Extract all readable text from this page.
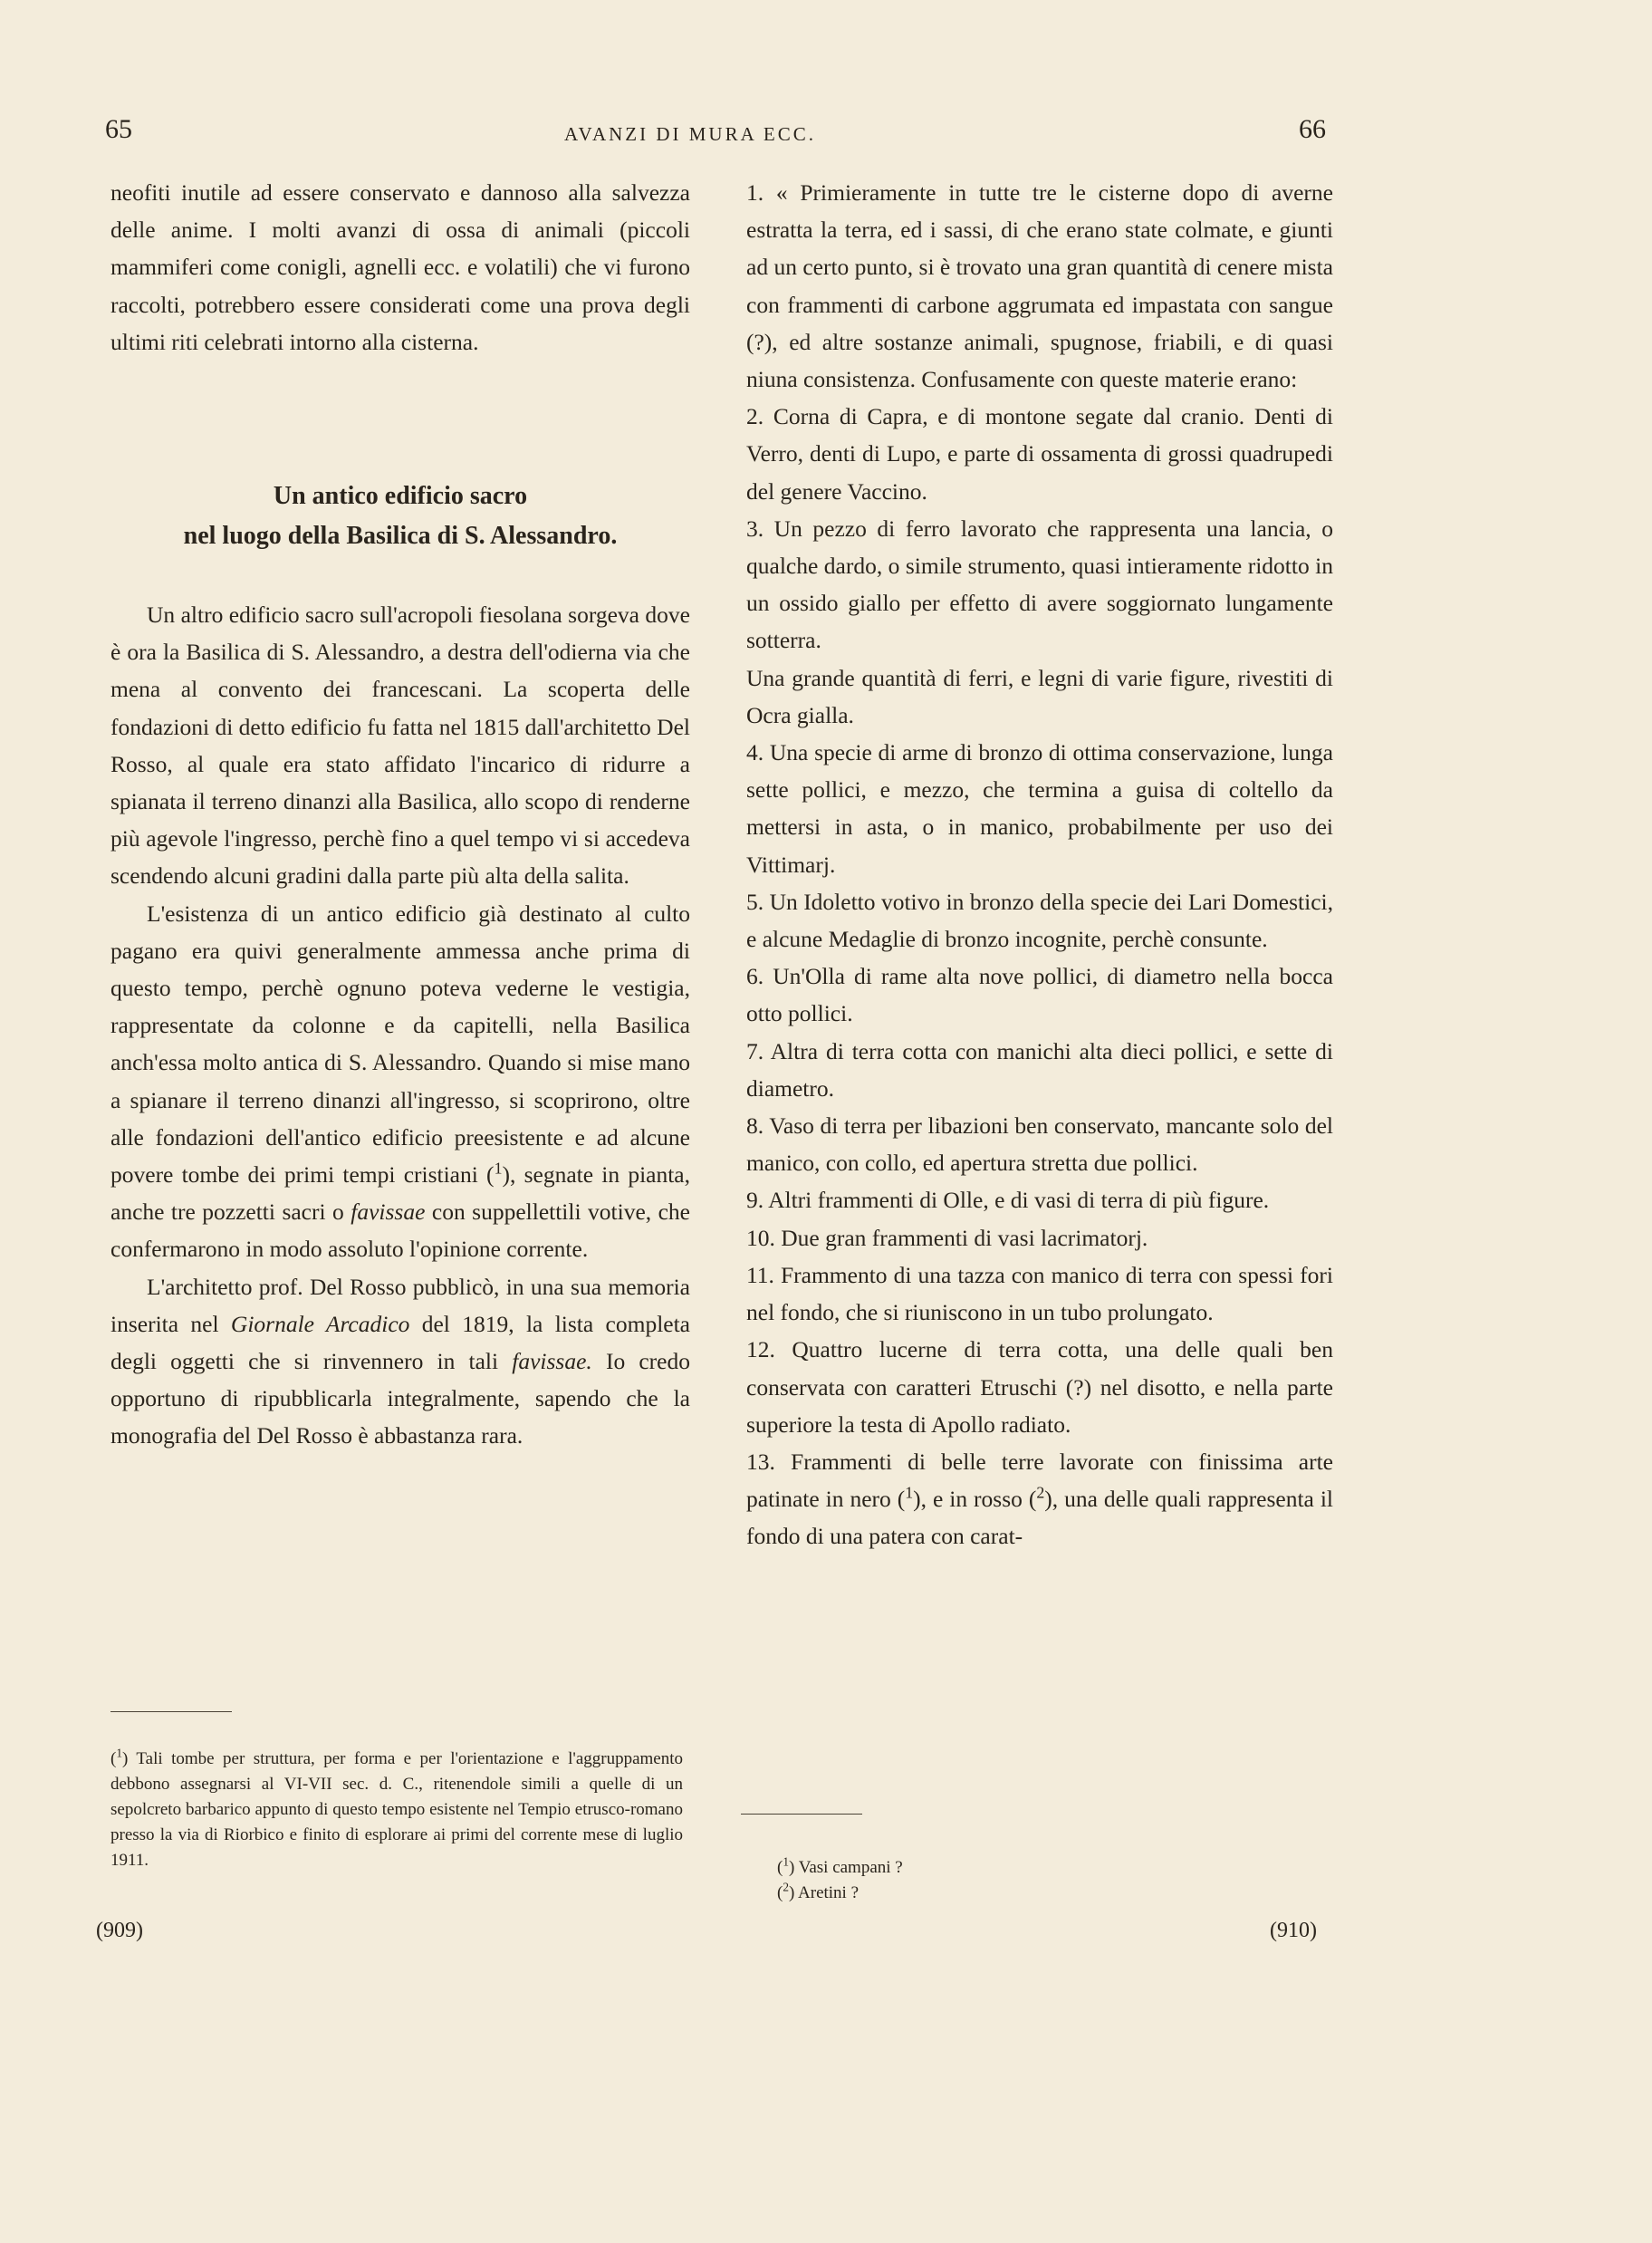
65	AVANZI DI MURA ECC.	66

neofiti inutile ad essere conservato e dannoso alla salvezza delle anime. I molti avanzi di ossa di animali (piccoli mammiferi come conigli, agnelli ecc. e volatili) che vi furono raccolti, potrebbero essere considerati come una prova degli ultimi riti celebrati intorno alla cisterna.

Un antico edificio sacro
nel luogo della Basilica di S. Alessandro.

Un altro edificio sacro sull'acropoli fiesolana sorgeva dove è ora la Basilica di S. Alessandro, a destra dell'odierna via che mena al convento dei francescani. La scoperta delle fondazioni di detto edificio fu fatta nel 1815 dall'architetto Del Rosso, al quale era stato affidato l'incarico di ridurre a spianata il terreno dinanzi alla Basilica, allo scopo di renderne più agevole l'ingresso, perchè fino a quel tempo vi si accedeva scendendo alcuni gradini dalla parte più alta della salita.

L'esistenza di un antico edificio già destinato al culto pagano era quivi generalmente ammessa anche prima di questo tempo, perchè ognuno poteva vederne le vestigia, rappresentate da colonne e da capitelli, nella Basilica anch'essa molto antica di S. Alessandro. Quando si mise mano a spianare il terreno dinanzi all'ingresso, si scoprirono, oltre alle fondazioni dell'antico edificio preesistente e ad alcune povere tombe dei primi tempi cristiani ($^1$), segnate in pianta, anche tre pozzetti sacri o favissae con suppellettili votive, che confermarono in modo assoluto l'opinione corrente.

L'architetto prof. Del Rosso pubblicò, in una sua memoria inserita nel Giornale Arcadico del 1819, la lista completa degli oggetti che si rinvennero in tali favissae. Io credo opportuno di ripubblicarla integralmente, sapendo che la monografia del Del Rosso è abbastanza rara.

($^1$) Tali tombe per struttura, per forma e per l'orientazione e l'aggruppamento debbono assegnarsi al VI-VII sec. d. C., ritenendole simili a quelle di un sepolcreto barbarico appunto di questo tempo esistente nel Tempio etrusco-romano presso la via di Riorbico e finito di esplorare ai primi del corrente mese di luglio 1911.
(909)

1. « Primieramente in tutte tre le cisterne dopo di averne estratta la terra, ed i sassi, di che erano state colmate, e giunti ad un certo punto, si è trovato una gran quantità di cenere mista con frammenti di carbone aggrumata ed impastata con sangue (?), ed altre sostanze animali, spugnose, friabili, e di quasi niuna consistenza. Confusamente con queste materie erano:

2. Corna di Capra, e di montone segate dal cranio. Denti di Verro, denti di Lupo, e parte di ossamenta di grossi quadrupedi del genere Vaccino.

3. Un pezzo di ferro lavorato che rappresenta una lancia, o qualche dardo, o simile strumento, quasi intieramente ridotto in un ossido giallo per effetto di avere soggiornato lungamente sotterra.

Una grande quantità di ferri, e legni di varie figure, rivestiti di Ocra gialla.

4. Una specie di arme di bronzo di ottima conservazione, lunga sette pollici, e mezzo, che termina a guisa di coltello da mettersi in asta, o in manico, probabilmente per uso dei Vittimarj.

5. Un Idoletto votivo in bronzo della specie dei Lari Domestici, e alcune Medaglie di bronzo incognite, perchè consunte.

6. Un'Olla di rame alta nove pollici, di diametro nella bocca otto pollici.

7. Altra di terra cotta con manichi alta dieci pollici, e sette di diametro.

8. Vaso di terra per libazioni ben conservato, mancante solo del manico, con collo, ed apertura stretta due pollici.

9. Altri frammenti di Olle, e di vasi di terra di più figure.

10. Due gran frammenti di vasi lacrimatorj.

11. Frammento di una tazza con manico di terra con spessi fori nel fondo, che si riuniscono in un tubo prolungato.

12. Quattro lucerne di terra cotta, una delle quali ben conservata con caratteri Etruschi (?) nel disotto, e nella parte superiore la testa di Apollo radiato.

13. Frammenti di belle terre lavorate con finissima arte patinate in nero ($^1$), e in rosso ($^2$), una delle quali rappresenta il fondo di una patera con carat-

($^1$) Vasi campani ?
($^2$) Aretini ?
(910)
